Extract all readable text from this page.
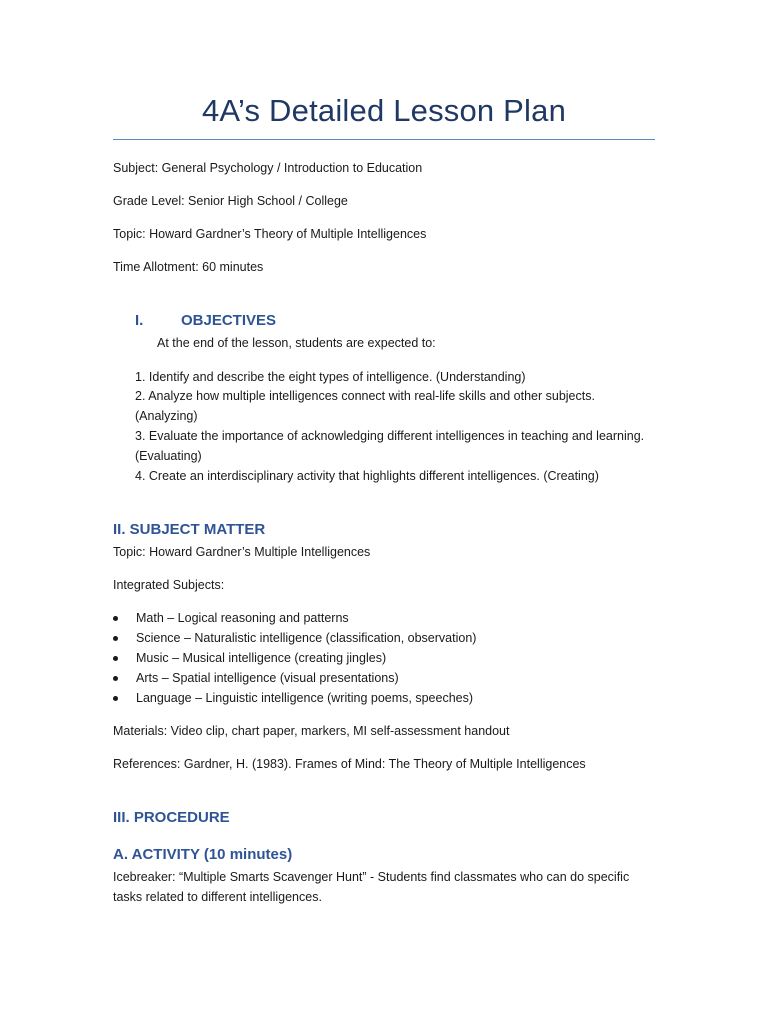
4A’s Detailed Lesson Plan
Subject: General Psychology / Introduction to Education
Grade Level: Senior High School / College
Topic: Howard Gardner’s Theory of Multiple Intelligences
Time Allotment: 60 minutes
I.	OBJECTIVES
At the end of the lesson, students are expected to:
1. Identify and describe the eight types of intelligence. (Understanding)
2. Analyze how multiple intelligences connect with real-life skills and other subjects.
(Analyzing)
3. Evaluate the importance of acknowledging different intelligences in teaching and learning.
(Evaluating)
4. Create an interdisciplinary activity that highlights different intelligences. (Creating)
II. SUBJECT MATTER
Topic: Howard Gardner’s Multiple Intelligences
Integrated Subjects:
Math – Logical reasoning and patterns
Science – Naturalistic intelligence (classification, observation)
Music – Musical intelligence (creating jingles)
Arts – Spatial intelligence (visual presentations)
Language – Linguistic intelligence (writing poems, speeches)
Materials: Video clip, chart paper, markers, MI self-assessment handout
References: Gardner, H. (1983). Frames of Mind: The Theory of Multiple Intelligences
III. PROCEDURE
A. ACTIVITY (10 minutes)
Icebreaker: “Multiple Smarts Scavenger Hunt” - Students find classmates who can do specific
tasks related to different intelligences.
